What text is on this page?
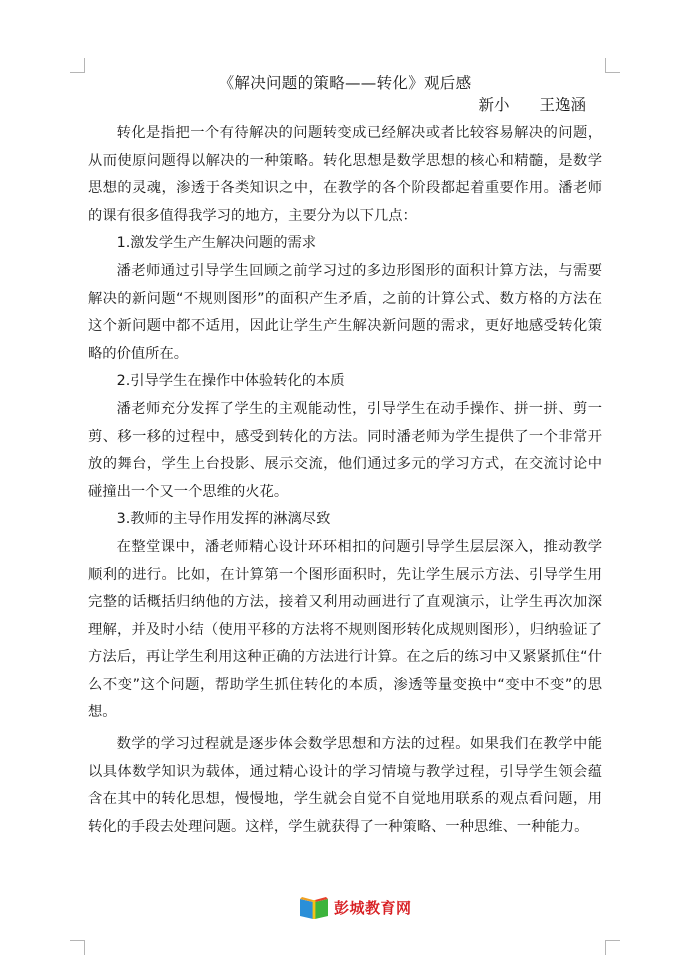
《解决问题的策略——转化》观后感

新小 王逸涵

转化是指把一个有待解决的问题转变成已经解决或者比较容易解决的问题，从而使原问题得以解决的一种策略。转化思想是数学思想的核心和精髓，是数学思想的灵魂，渗透于各类知识之中，在教学的各个阶段都起着重要作用。潘老师的课有很多值得我学习的地方，主要分为以下几点：

1.激发学生产生解决问题的需求

潘老师通过引导学生回顾之前学习过的多边形图形的面积计算方法，与需要解决的新问题“不规则图形”的面积产生矛盾，之前的计算公式、数方格的方法在这个新问题中都不适用，因此让学生产生解决新问题的需求，更好地感受转化策略的价值所在。

2.引导学生在操作中体验转化的本质

潘老师充分发挥了学生的主观能动性，引导学生在动手操作、拼一拼、剪一剪、移一移的过程中，感受到转化的方法。同时潘老师为学生提供了一个非常开放的舞台，学生上台投影、展示交流，他们通过多元的学习方式，在交流讨论中碰撞出一个又一个思维的火花。

3.教师的主导作用发挥的淋漓尽致

在整堂课中，潘老师精心设计环环相扣的问题引导学生层层深入，推动教学顺利的进行。比如，在计算第一个图形面积时，先让学生展示方法、引导学生用完整的话概括归纳他的方法，接着又利用动画进行了直观演示，让学生再次加深理解，并及时小结（使用平移的方法将不规则图形转化成规则图形），归纳验证了方法后，再让学生利用这种正确的方法进行计算。在之后的练习中又紧紧抓住“什么不变”这个问题，帮助学生抓住转化的本质，渗透等量变换中“变中不变”的思想。

数学的学习过程就是逐步体会数学思想和方法的过程。如果我们在教学中能以具体数学知识为载体，通过精心设计的学习情境与教学过程，引导学生领会蕴含在其中的转化思想，慢慢地，学生就会自觉不自觉地用联系的观点看问题，用转化的手段去处理问题。这样，学生就获得了一种策略、一种思维、一种能力。

彭城教育网
